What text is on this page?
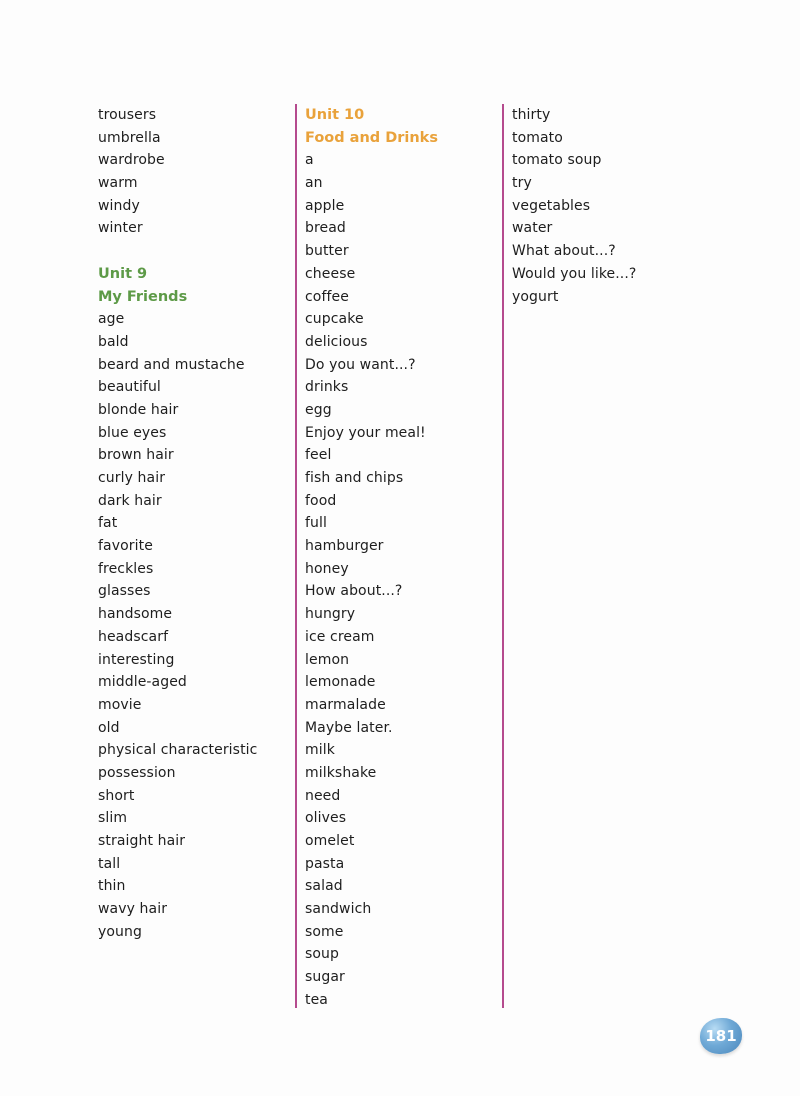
trousers
umbrella
wardrobe
warm
windy
winter
Unit 9
My Friends
age
bald
beard and mustache
beautiful
blonde hair
blue eyes
brown hair
curly hair
dark hair
fat
favorite
freckles
glasses
handsome
headscarf
interesting
middle-aged
movie
old
physical characteristic
possession
short
slim
straight hair
tall
thin
wavy hair
young
Unit 10
Food and Drinks
a
an
apple
bread
butter
cheese
coffee
cupcake
delicious
Do you want...?
drinks
egg
Enjoy your meal!
feel
fish and chips
food
full
hamburger
honey
How about...?
hungry
ice cream
lemon
lemonade
marmalade
Maybe later.
milk
milkshake
need
olives
omelet
pasta
salad
sandwich
some
soup
sugar
tea
thirty
tomato
tomato soup
try
vegetables
water
What about...?
Would you like...?
yogurt
181
